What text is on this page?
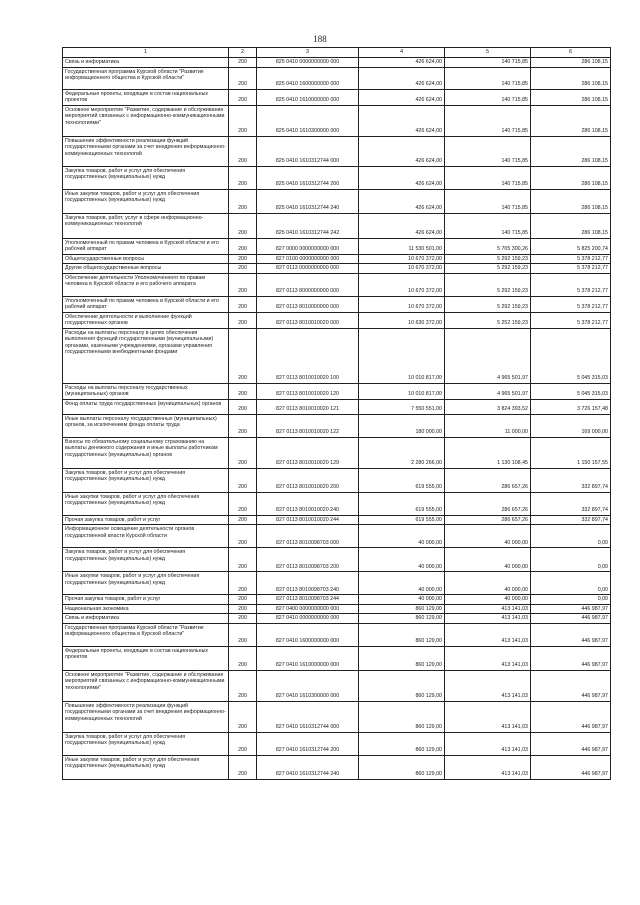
188
1	2	3	4	5	6
Связь и информатика	200	825 0410 0000000000 000	426 624,00	140 715,85	286 108,15
Государственная программа Курской области "Развитие информационного общества в Курской области"	200	825 0410 1600000000 000	426 624,00	140 715,85	286 108,15
Федеральные проекты, входящие в состав национальных проектов	200	825 0410 1610000000 000	426 624,00	140 715,85	286 108,15
Основное мероприятие "Развитие, содержание и обслуживание мероприятий связанных с информационно-коммуникационными технологиями"	200	825 0410 1610300000 000	426 624,00	140 715,85	286 108,15
Повышение эффективности реализации функций государственными органами за счет внедрения информационно-коммуникационных технологий	200	825 0410 1610312744 000	426 624,00	140 715,85	286 108,15
Закупка товаров, работ и услуг для обеспечения государственных (муниципальных) нужд	200	825 0410 1610312744 200	426 624,00	140 715,85	286 108,15
Иные закупки товаров, работ и услуг для обеспечения государственных (муниципальных) нужд	200	825 0410 1610312744 240	426 624,00	140 715,85	286 108,15
Закупка товаров, работ, услуг в сфере информационно-коммуникационных технологий	200	825 0410 1610312744 242	426 624,00	140 715,85	286 108,15
Уполномоченный по правам человека в Курской области и его рабочий аппарат	200	827 0000 0000000000 000	11 530 501,00	5 705 300,26	5 825 200,74
Общегосударственные вопросы	200	827 0100 0000000000 000	10 670 372,00	5 292 159,23	5 378 212,77
Другие общегосударственные вопросы	200	827 0113 0000000000 000	10 670 372,00	5 292 159,23	5 378 212,77
Обеспечение деятельности Уполномоченного по правам человека в Курской области и его рабочего аппарата	200	827 0113 8000000000 000	10 670 372,00	5 292 159,23	5 378 212,77
Уполномоченный по правам человека в Курской области и его рабочий аппарат	200	827 0113 8010000000 000	10 670 372,00	5 292 159,23	5 378 212,77
Обеспечение деятельности и выполнение функций государственных органов	200	827 0113 8010010020 000	10 630 372,00	5 252 159,23	5 378 212,77
Расходы на выплаты персоналу в целях обеспечения выполнения функций государственными (муниципальными) органами, казенными учреждениями, органами управления государственными внебюджетными фондами	200	827 0113 8010010020 100	10 010 817,00	4 965 501,97	5 045 315,03
Расходы на выплаты персоналу государственных (муниципальных) органов	200	827 0113 8010010020 120	10 010 817,00	4 965 501,97	5 045 315,03
Фонд оплаты труда государственных (муниципальных) органов	200	827 0113 8010010020 121	7 550 551,00	3 824 393,52	3 726 157,48
Иные выплаты персоналу государственных (муниципальных) органов, за исключением фонда оплаты труда	200	827 0113 8010010020 122	180 000,00	11 000,00	169 000,00
Взносы по обязательному социальному страхованию на выплаты денежного содержания и иные выплаты работникам государственных (муниципальных) органов	200	827 0113 8010010020 129	2 280 266,00	1 130 108,45	1 150 157,55
Закупка товаров, работ и услуг для обеспечения государственных (муниципальных) нужд	200	827 0113 8010010020 200	619 555,00	286 657,26	332 897,74
Иные закупки товаров, работ и услуг для обеспечения государственных (муниципальных) нужд	200	827 0113 8010010020 240	619 555,00	286 657,26	332 897,74
Прочая закупка товаров, работ и услуг	200	827 0113 8010010020 244	619 555,00	286 657,26	332 897,74
Информационное освещение деятельности органов государственной власти Курской области	200	827 0113 8010098703 000	40 000,00	40 000,00	0,00
Закупка товаров, работ и услуг для обеспечения государственных (муниципальных) нужд	200	827 0113 8010098703 200	40 000,00	40 000,00	0,00
Иные закупки товаров, работ и услуг для обеспечения государственных (муниципальных) нужд	200	827 0113 8010098703 240	40 000,00	40 000,00	0,00
Прочая закупка товаров, работ и услуг	200	827 0113 8010098703 244	40 000,00	40 000,00	0,00
Национальная экономика	200	827 0400 0000000000 000	860 129,00	413 141,03	446 987,97
Связь и информатика	200	827 0410 0000000000 000	860 129,00	413 141,03	446 987,97
Государственная программа Курской области "Развитие информационного общества в Курской области"	200	827 0410 1600000000 000	860 129,00	413 141,03	446 987,97
Федеральные проекты, входящие в состав национальных проектов	200	827 0410 1610000000 000	860 129,00	413 141,03	446 987,97
Основное мероприятие "Развитие, содержание и обслуживание мероприятий связанных с информационно-коммуникационными технологиями"	200	827 0410 1610300000 000	860 129,00	413 141,03	446 987,97
Повышение эффективности реализации функций государственными органами за счет внедрения информационно-коммуникационных технологий	200	827 0410 1610312744 000	860 129,00	413 141,03	446 987,97
Закупка товаров, работ и услуг для обеспечения государственных (муниципальных) нужд	200	827 0410 1610312744 200	860 129,00	413 141,03	446 987,97
Иные закупки товаров, работ и услуг для обеспечения государственных (муниципальных) нужд	200	827 0410 1610312744 240	860 129,00	413 141,03	446 987,97
